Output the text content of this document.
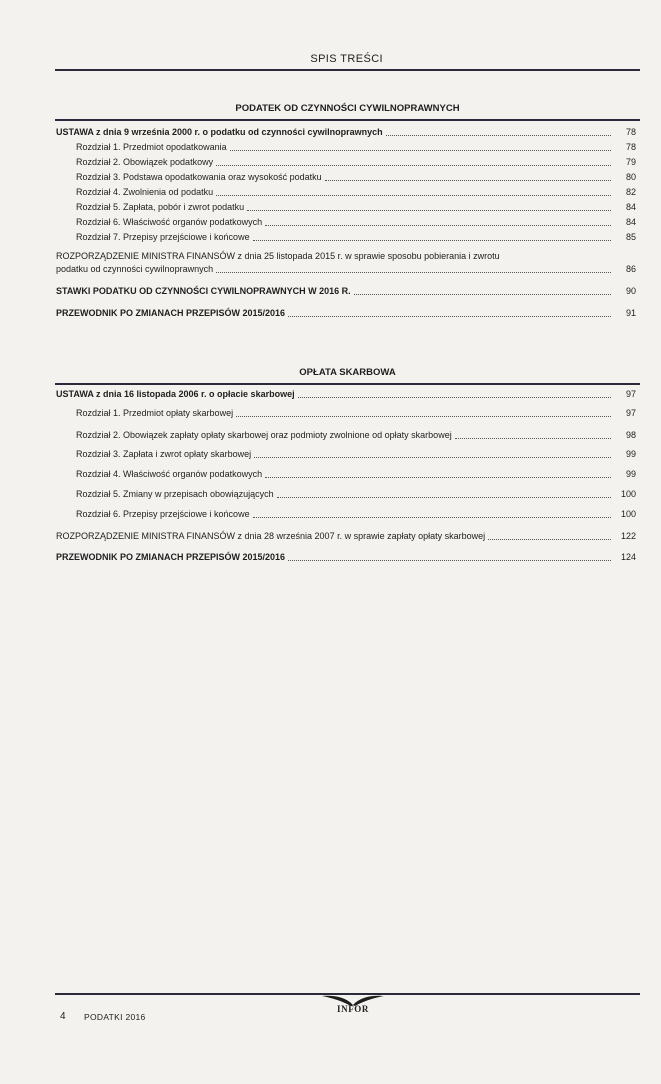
SPIS TREŚCI
PODATEK OD CZYNNOŚCI CYWILNOPRAWNYCH
USTAWA z dnia 9 września 2000 r. o podatku od czynności cywilnoprawnych	78
Rozdział 1. Przedmiot opodatkowania	78
Rozdział 2. Obowiązek podatkowy	79
Rozdział 3. Podstawa opodatkowania oraz wysokość podatku	80
Rozdział 4. Zwolnienia od podatku	82
Rozdział 5. Zapłata, pobór i zwrot podatku	84
Rozdział 6. Właściwość organów podatkowych	84
Rozdział 7. Przepisy przejściowe i końcowe	85
ROZPORZĄDZENIE MINISTRA FINANSÓW z dnia 25 listopada 2015 r. w sprawie sposobu pobierania i zwrotu
podatku od czynności cywilnoprawnych	86
STAWKI PODATKU OD CZYNNOŚCI CYWILNOPRAWNYCH W 2016 R.	90
PRZEWODNIK PO ZMIANACH PRZEPISÓW 2015/2016	91
OPŁATA SKARBOWA
USTAWA z dnia 16 listopada 2006 r. o opłacie skarbowej	97
Rozdział 1. Przedmiot opłaty skarbowej	97
Rozdział 2. Obowiązek zapłaty opłaty skarbowej oraz podmioty zwolnione od opłaty skarbowej	98
Rozdział 3. Zapłata i zwrot opłaty skarbowej	99
Rozdział 4. Właściwość organów podatkowych	99
Rozdział 5. Zmiany w przepisach obowiązujących	100
Rozdział 6. Przepisy przejściowe i końcowe	100
ROZPORZĄDZENIE MINISTRA FINANSÓW z dnia 28 września 2007 r. w sprawie zapłaty opłaty skarbowej	122
PRZEWODNIK PO ZMIANACH PRZEPISÓW 2015/2016	124
4 PODATKI 2016
INFOR
